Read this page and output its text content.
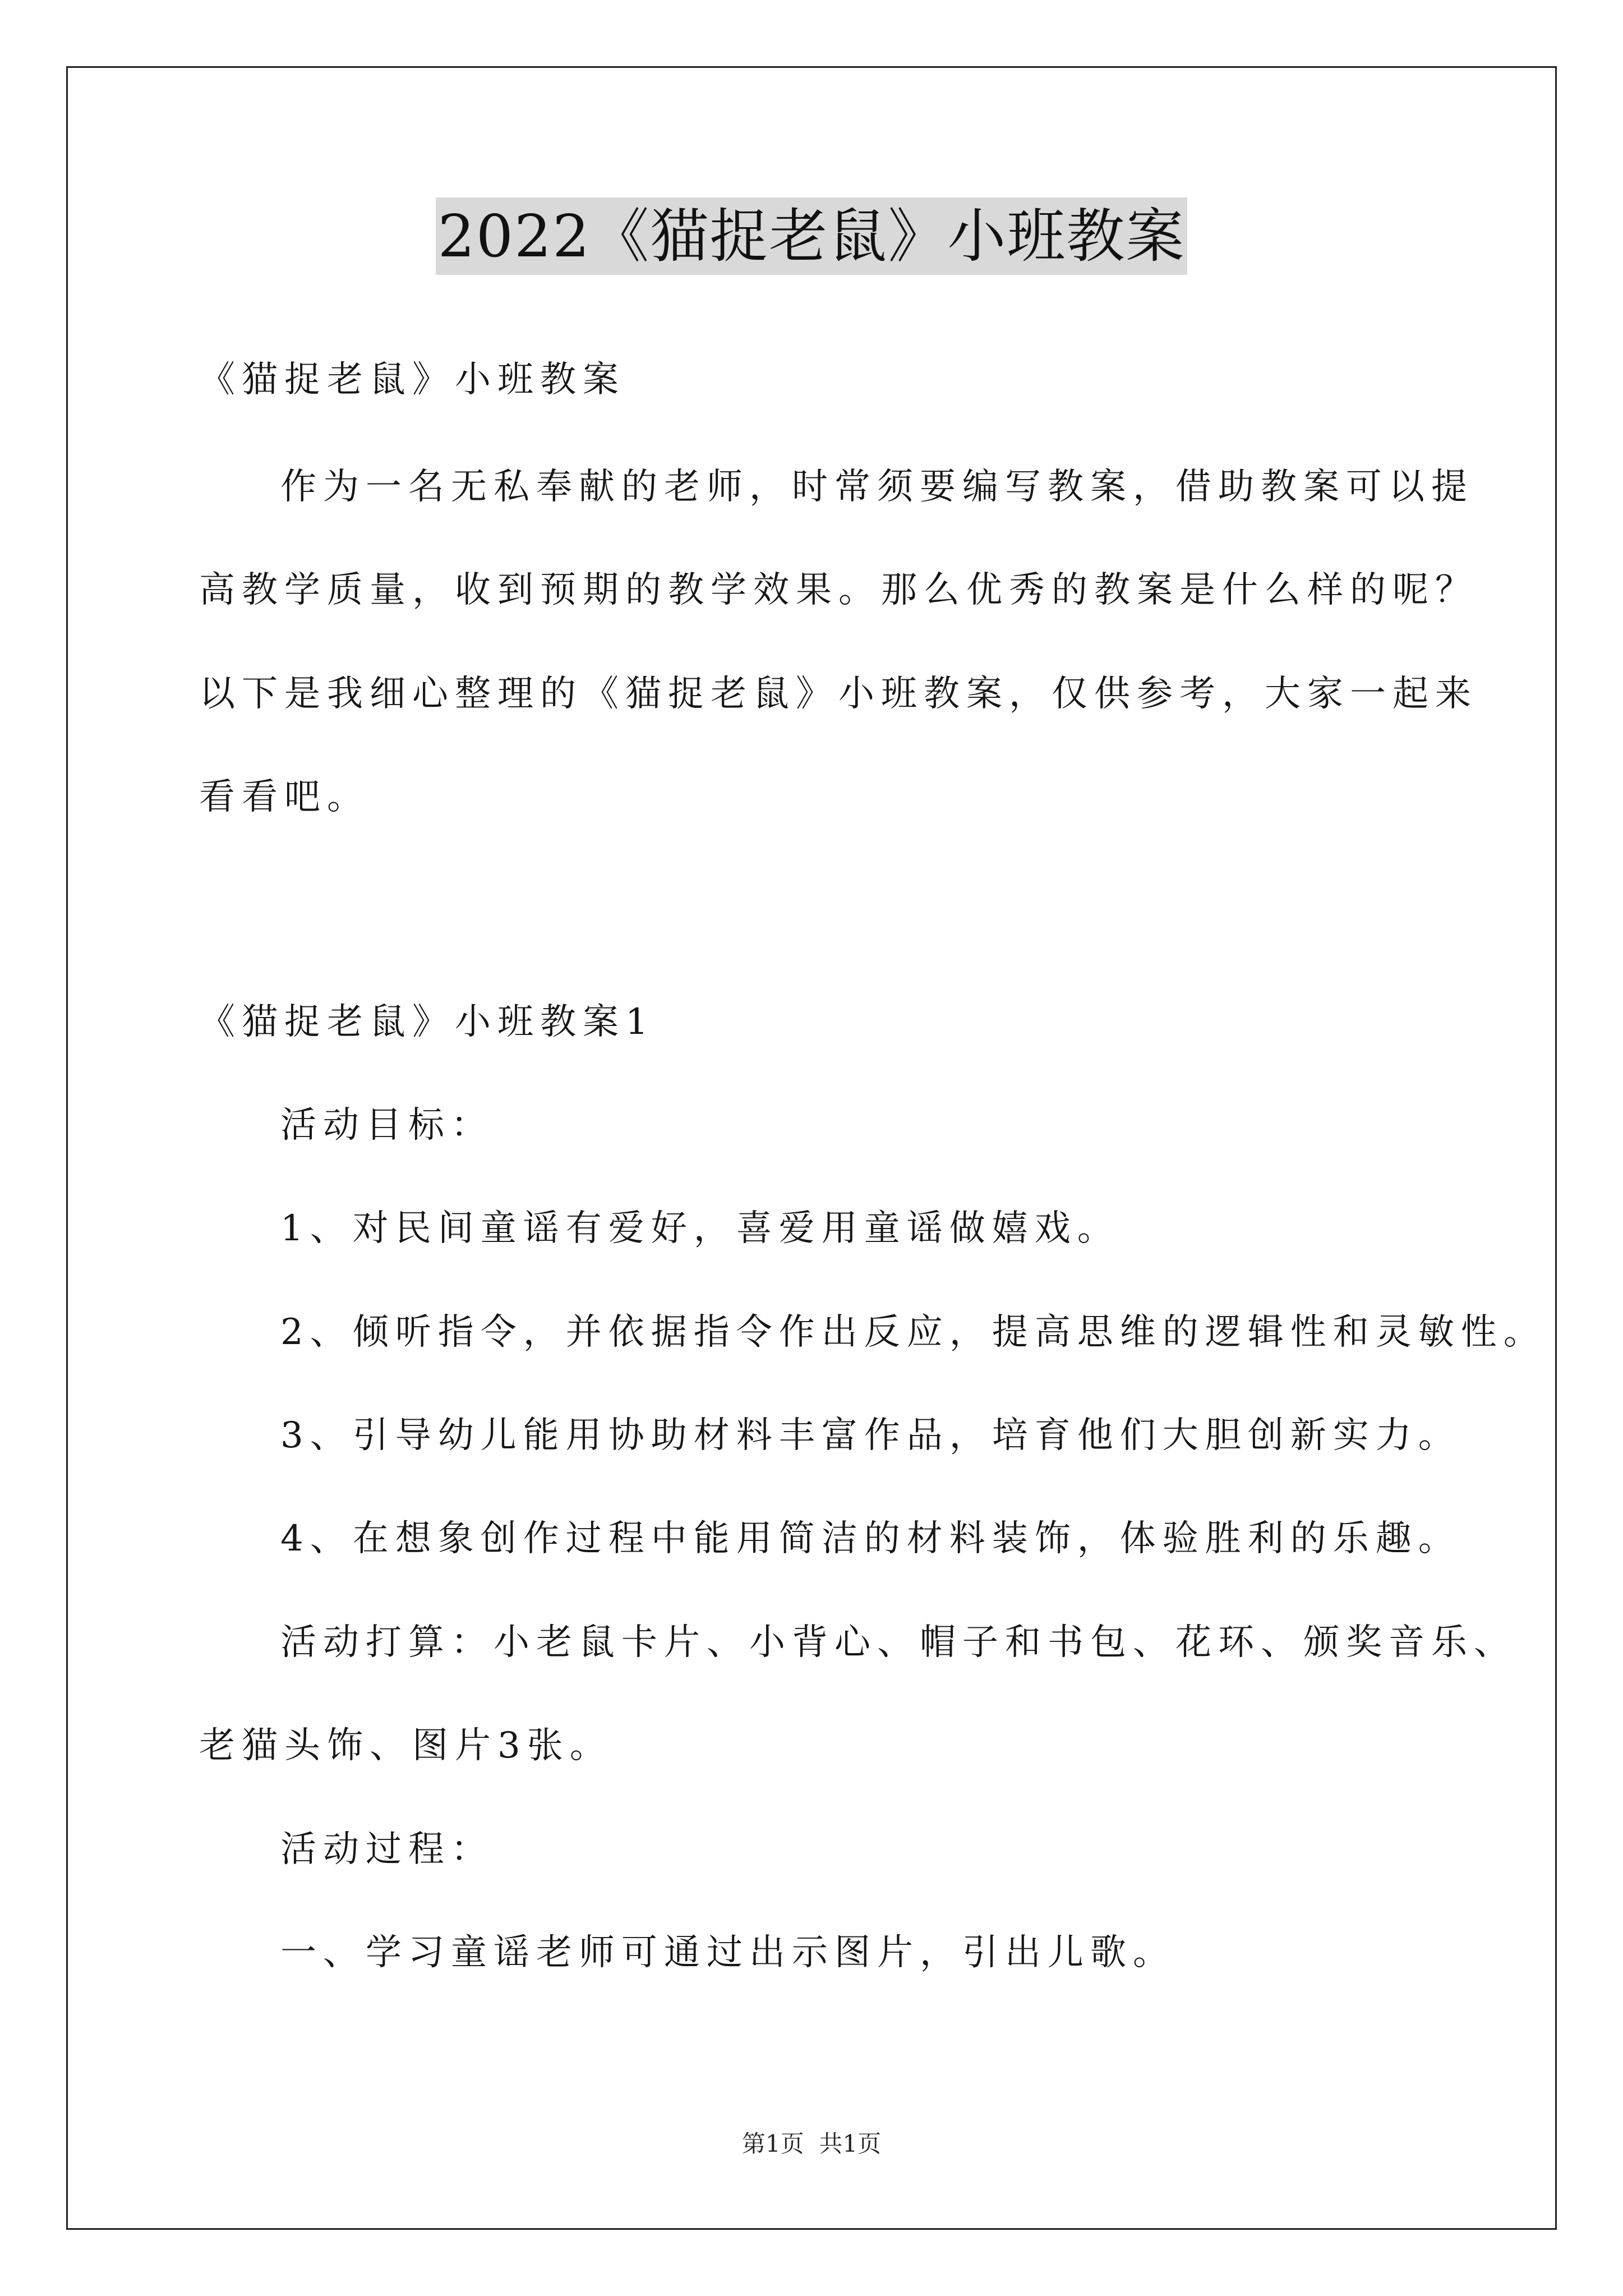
2022《猫捉老鼠》小班教案
《猫捉老鼠》小班教案
作为一名无私奉献的老师，时常须要编写教案，借助教案可以提
高教学质量，收到预期的教学效果。那么优秀的教案是什么样的呢？
以下是我细心整理的《猫捉老鼠》小班教案，仅供参考，大家一起来
看看吧。
《猫捉老鼠》小班教案1
活动目标：
1、对民间童谣有爱好，喜爱用童谣做嬉戏。
2、倾听指令，并依据指令作出反应，提高思维的逻辑性和灵敏性。
3、引导幼儿能用协助材料丰富作品，培育他们大胆创新实力。
4、在想象创作过程中能用简洁的材料装饰，体验胜利的乐趣。
活动打算：小老鼠卡片、小背心、帽子和书包、花环、颁奖音乐、
老猫头饰、图片3张。
活动过程：
一、学习童谣老师可通过出示图片，引出儿歌。
第1页  共1页
